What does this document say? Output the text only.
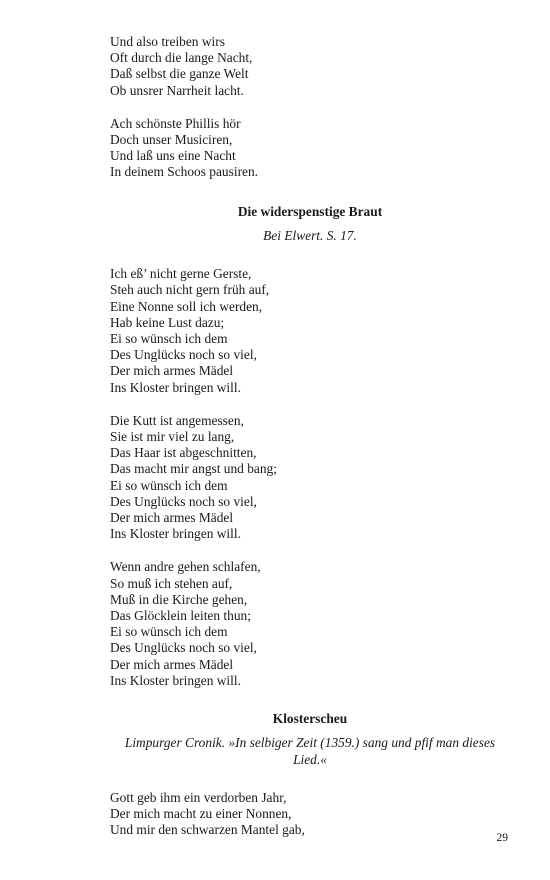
Und also treiben wirs
Oft durch die lange Nacht,
Daß selbst die ganze Welt
Ob unsrer Narrheit lacht.
Ach schönste Phillis hör
Doch unser Musiciren,
Und laß uns eine Nacht
In deinem Schoos pausiren.
Die widerspenstige Braut
Bei Elwert. S. 17.
Ich eß’ nicht gerne Gerste,
Steh auch nicht gern früh auf,
Eine Nonne soll ich werden,
Hab keine Lust dazu;
Ei so wünsch ich dem
Des Unglücks noch so viel,
Der mich armes Mädel
Ins Kloster bringen will.
Die Kutt ist angemessen,
Sie ist mir viel zu lang,
Das Haar ist abgeschnitten,
Das macht mir angst und bang;
Ei so wünsch ich dem
Des Unglücks noch so viel,
Der mich armes Mädel
Ins Kloster bringen will.
Wenn andre gehen schlafen,
So muß ich stehen auf,
Muß in die Kirche gehen,
Das Glöcklein leiten thun;
Ei so wünsch ich dem
Des Unglücks noch so viel,
Der mich armes Mädel
Ins Kloster bringen will.
Klosterscheu
Limpurger Cronik. »In selbiger Zeit (1359.) sang und pfif man dieses
Lied.«
Gott geb ihm ein verdorben Jahr,
Der mich macht zu einer Nonnen,
Und mir den schwarzen Mantel gab,
29
